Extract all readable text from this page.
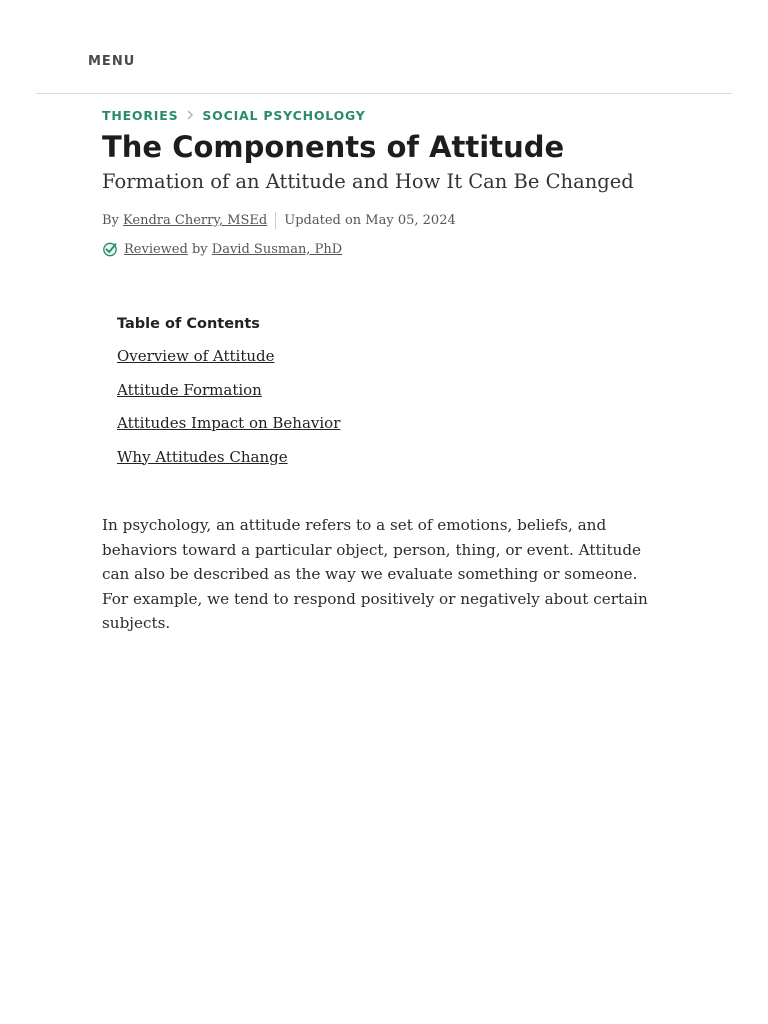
MENU
THEORIES SOCIAL PSYCHOLOGY
The Components of Attitude
Formation of an Attitude and How It Can Be Changed
By
Kendra Cherry, MSEd Updated on May 05, 2024
Reviewed
by
David Susman, PhD
Table of Contents
Overview of Attitude
Attitude Formation
Attitudes Impact on Behavior
Why Attitudes Change

In psychology, an attitude refers to a set of emotions, beliefs, and behaviors toward a particular object, person, thing, or event. Attitude can also be described as the way we evaluate something or someone. For example, we tend to respond positively or negatively about certain subjects.
